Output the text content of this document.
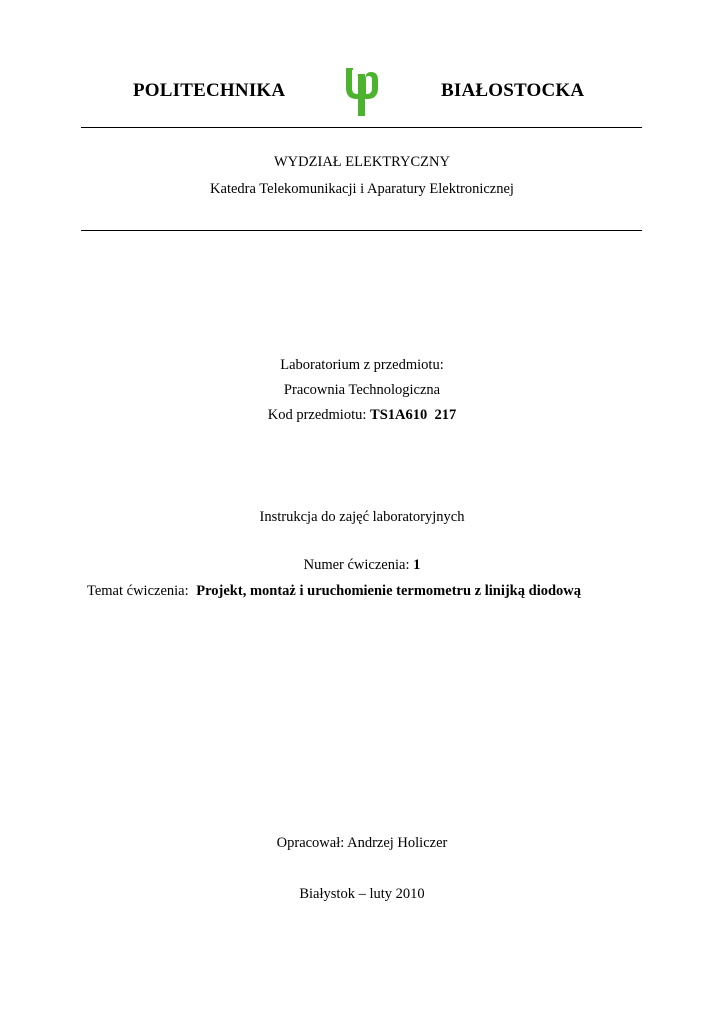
POLITECHNIKA	BIAŁOSTOCKA
WYDZIAŁ ELEKTRYCZNY
Katedra Telekomunikacji i Aparatury Elektronicznej
Laboratorium z przedmiotu:
Pracownia Technologiczna
Kod przedmiotu: TS1A610  217
Instrukcja do zajęć laboratoryjnych
Numer ćwiczenia: 1
Temat ćwiczenia: Projekt, montaż i uruchomienie termometru z linijką diodową
Opracował: Andrzej Holiczer
Białystok – luty 2010
